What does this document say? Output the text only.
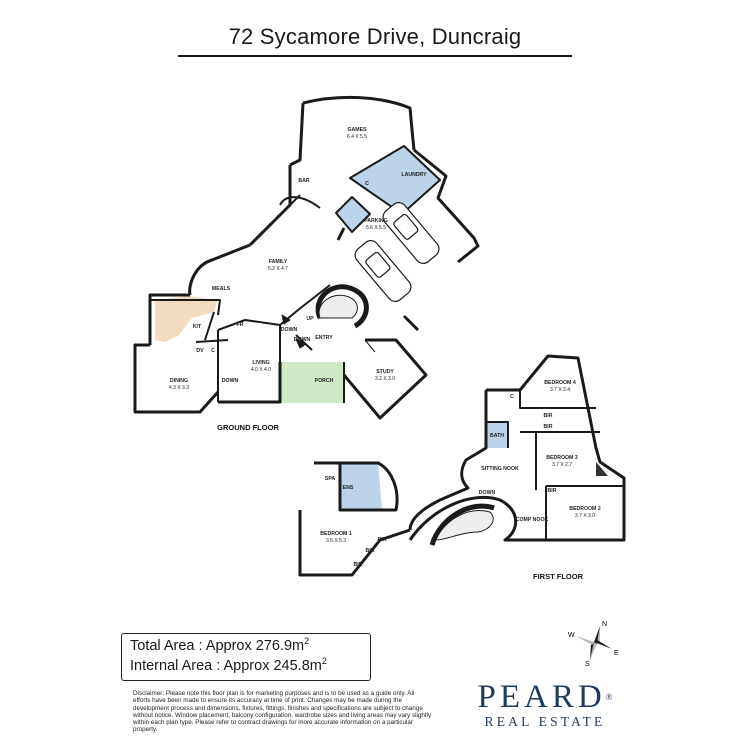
72 Sycamore Drive, Duncraig
GAMES
6.4 X 5.5
LAUNDRY
BAR
PARKING
5.6 X 5.5
FAMILY
5.2 X 4.7
MEALS
KIT	FR
DV C
LIVING
4.0 X 4.0
DINING
4.3 X 3.3
ENTRY
PORCH
STUDY
3.2 X 3.0
C
UP
DOWN
DOWN
DOWN
GROUND FLOOR
BEDROOM 4
3.7 X 3.4
BEDROOM 3
3.7 X 2.7
BEDROOM 2
3.7 X 3.0
BATH
SITTING NOOK
COMP NOOK
SPA
ENS
BEDROOM 1
3.5 X 5.3
C
BIR
BIR
BIR
BIR
BIR
BIR
DOWN
FIRST FLOOR
Total Area : Approx $276.9m^2$
Internal Area : Approx $245.8m^2$
Disclaimer: Please note this floor plan is for marketing purposes and is to be used as a guide only. All efforts have been made to ensure its accuracy at time of print. Changes may be made during the development process and dimensions, fixtures, fittings, finishes and specifications are subject to change without notice. Window placement, balcony configuration, wardrobe sizes and living areas may vary slightly within each plan type. Please refer to contract drawings for more accurate information on a particular property.
PEARD®
REAL ESTATE
N
S
E
W
